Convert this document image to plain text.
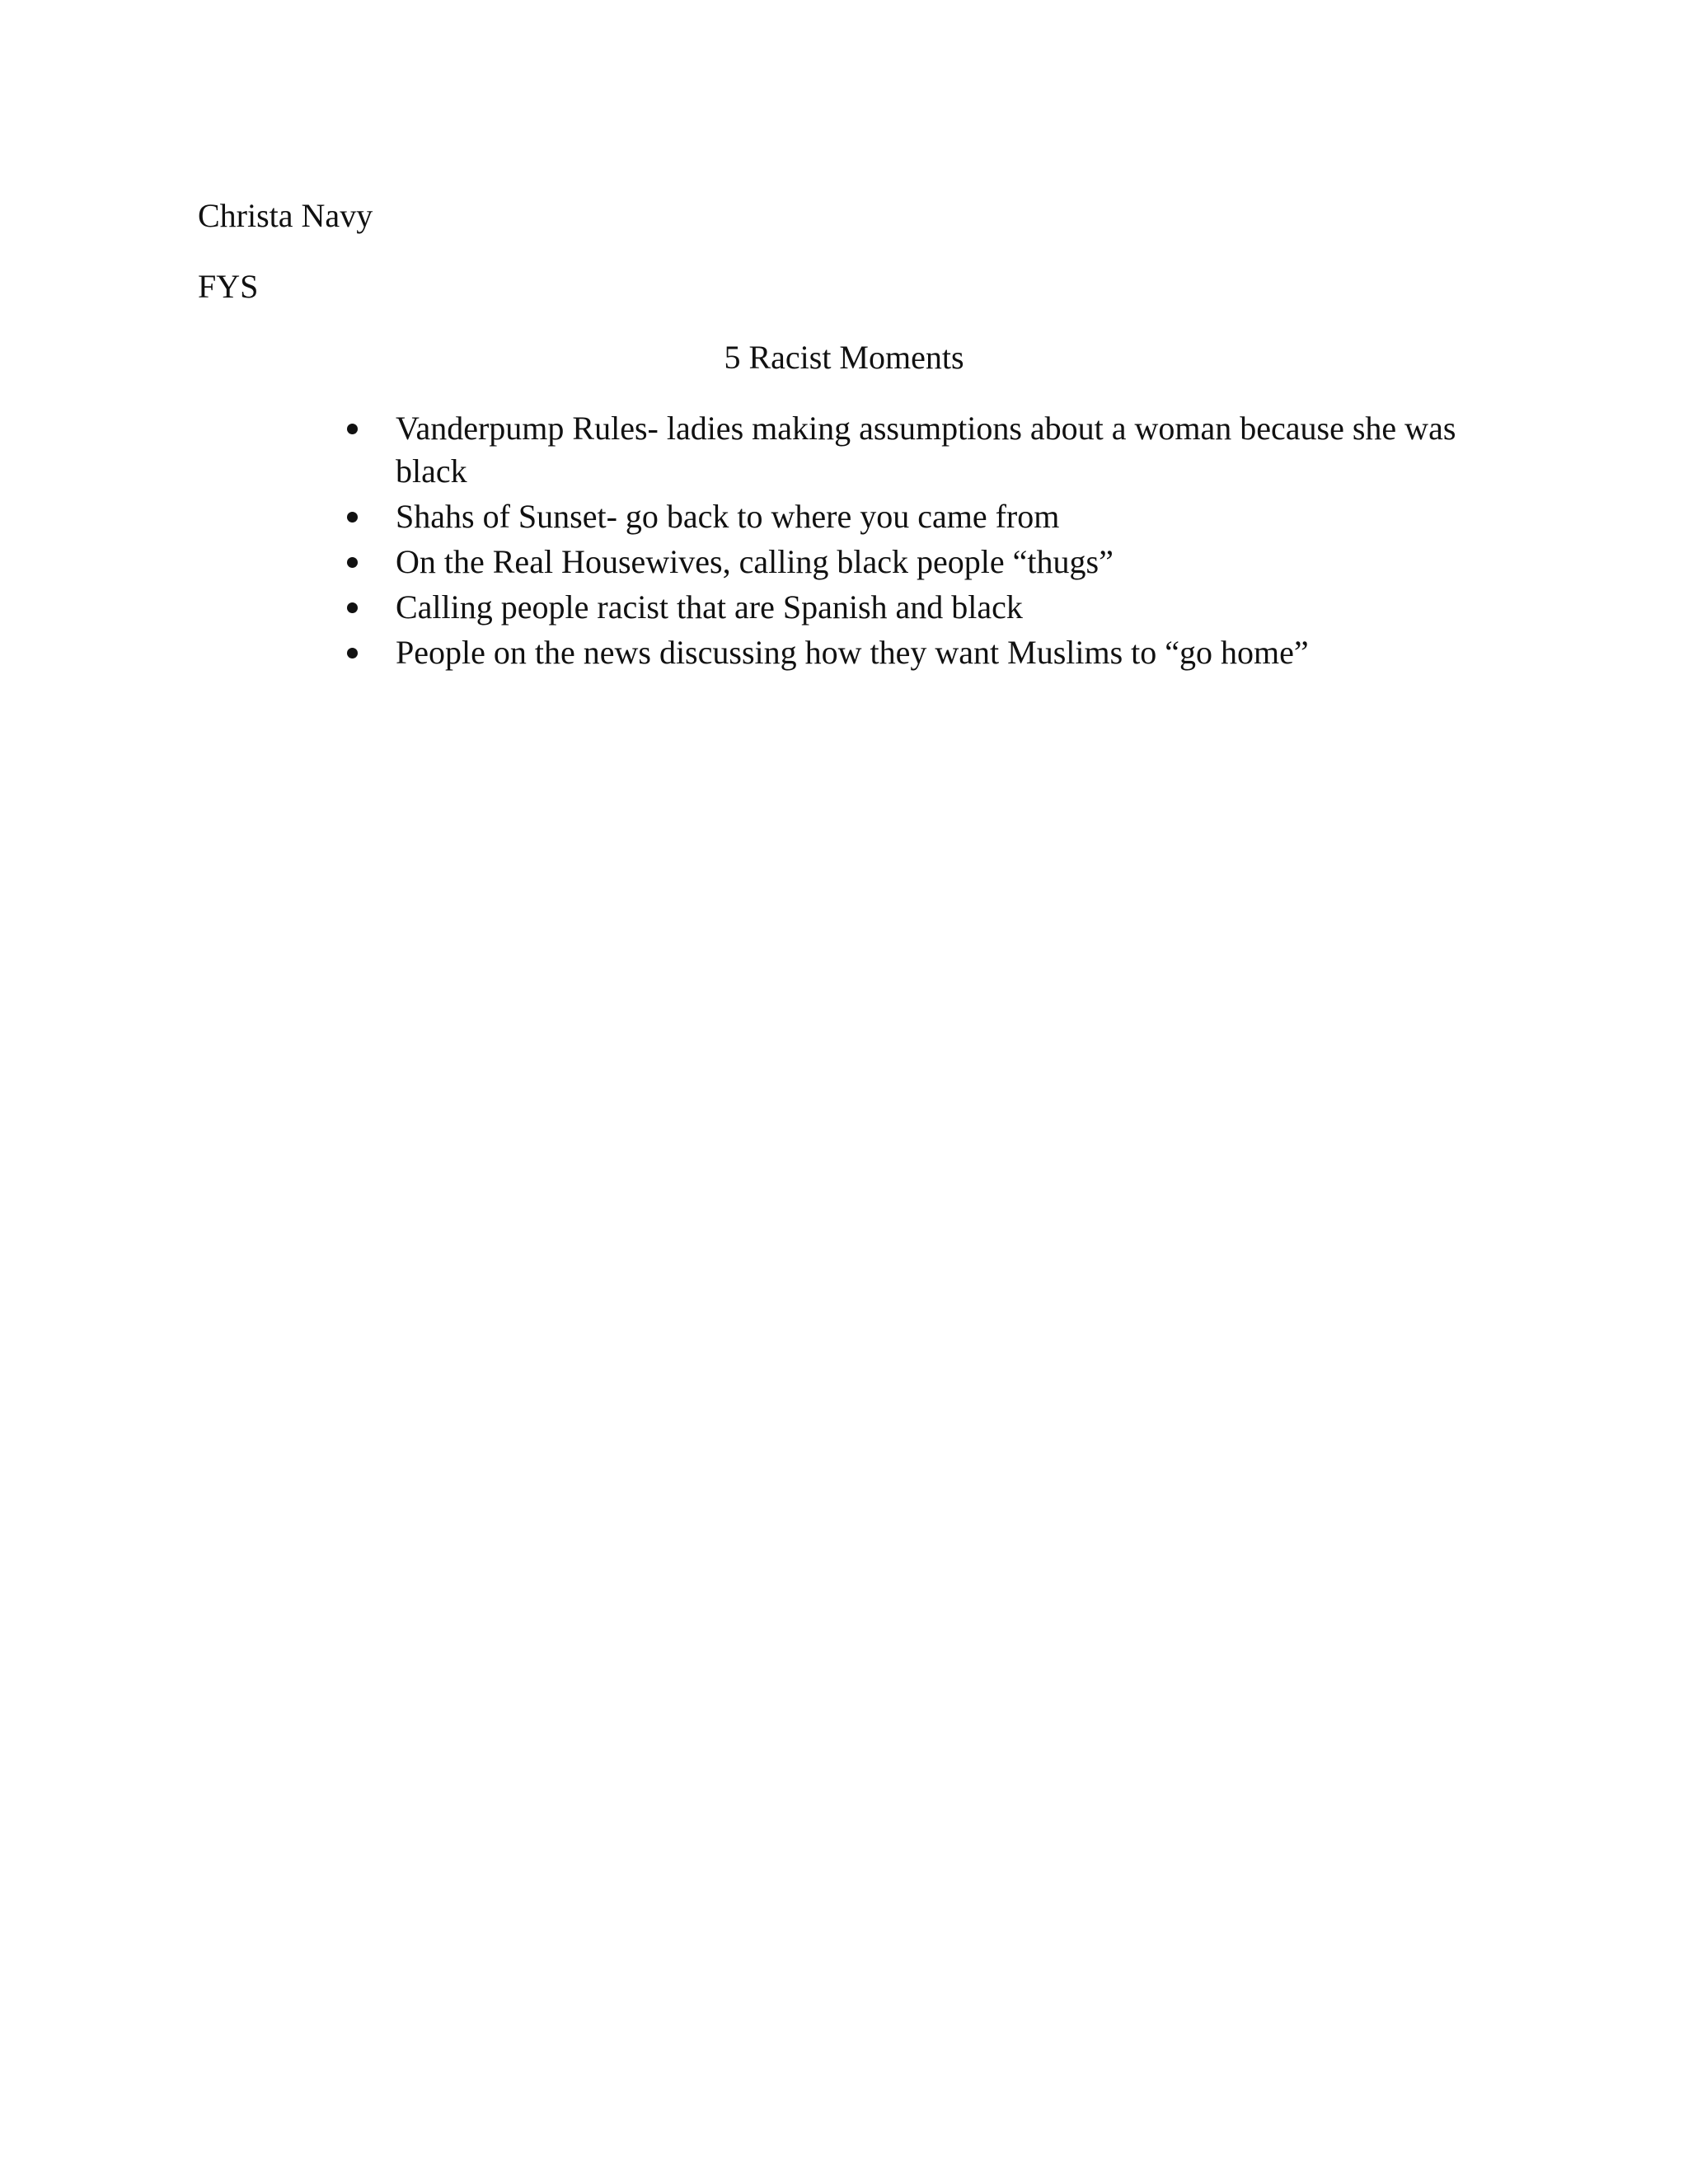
Christa Navy
FYS
5 Racist Moments
Vanderpump Rules- ladies making assumptions about a woman because she was black
Shahs of Sunset- go back to where you came from
On the Real Housewives, calling black people “thugs”
Calling people racist that are Spanish and black
People on the news discussing how they want Muslims to “go home”
